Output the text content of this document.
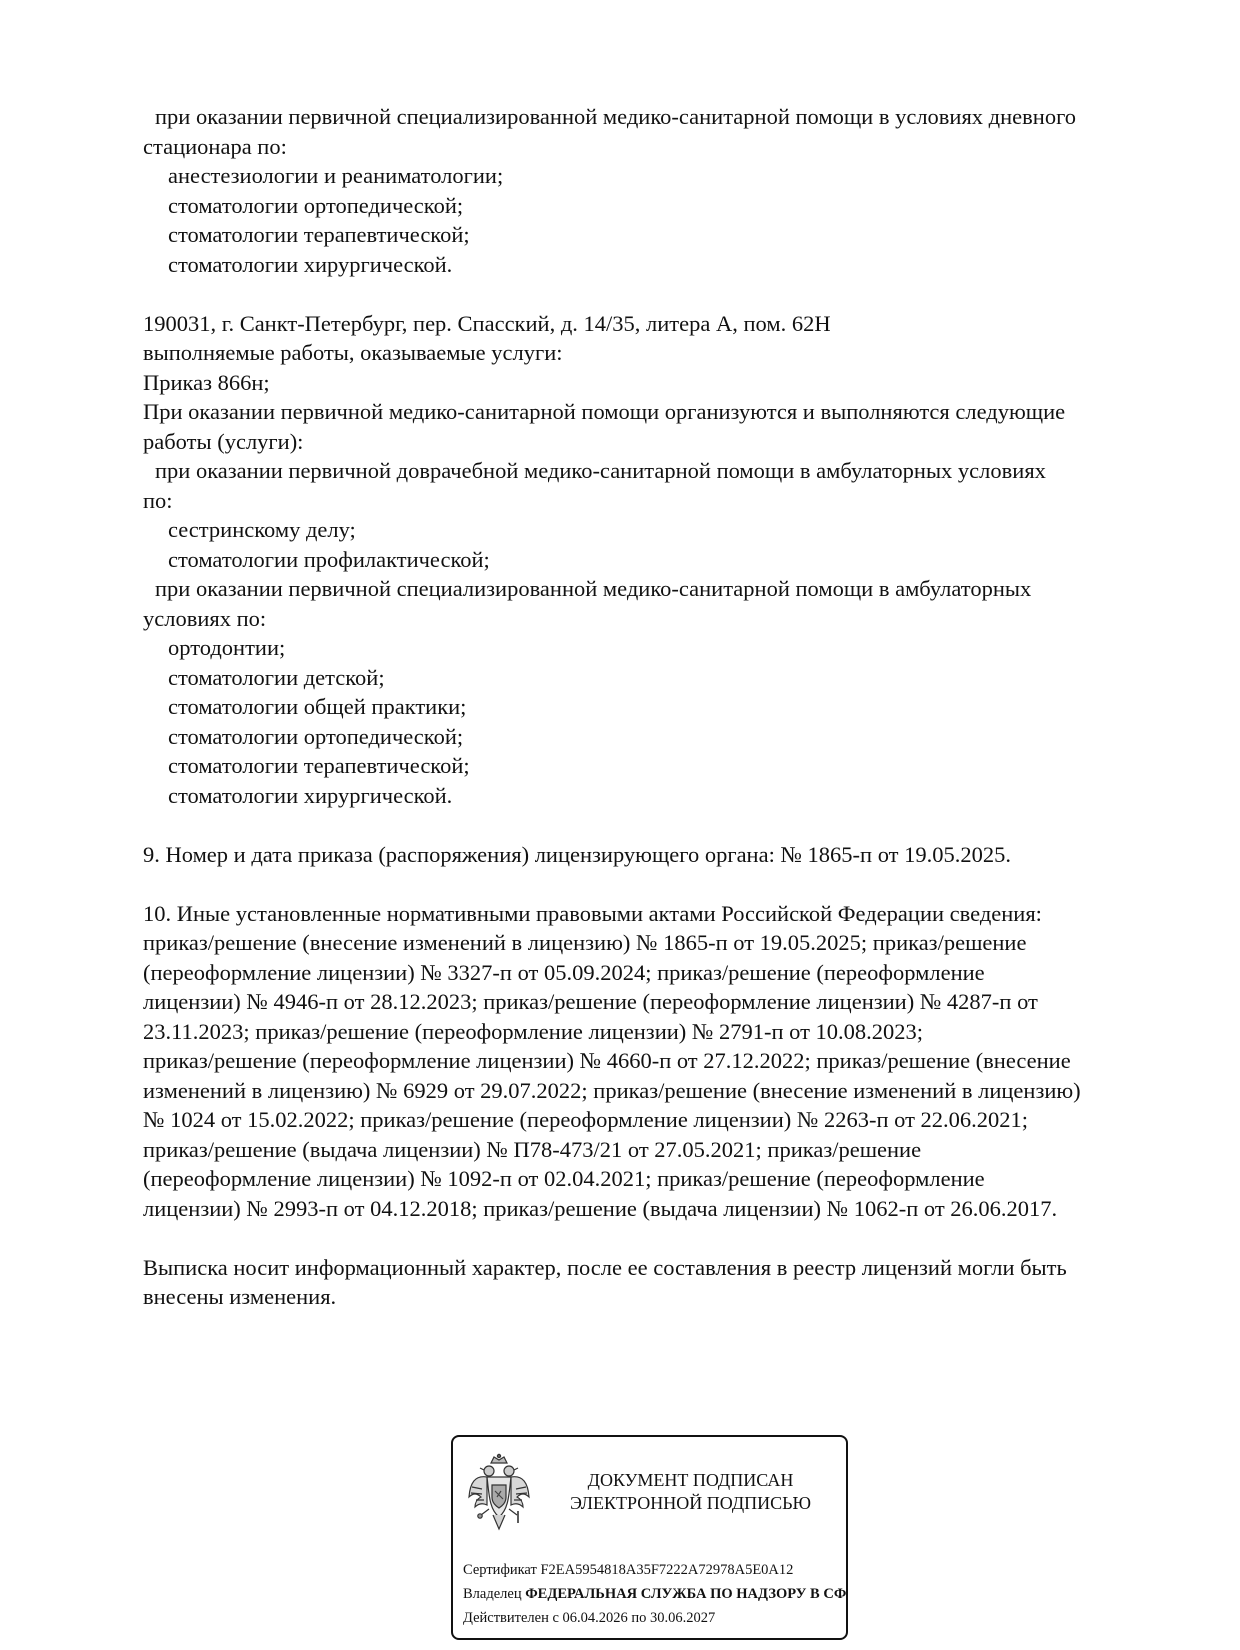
при оказании первичной специализированной медико-санитарной помощи в условиях дневного
стационара по:
анестезиологии и реаниматологии;
стоматологии ортопедической;
стоматологии терапевтической;
стоматологии хирургической.
190031, г. Санкт-Петербург, пер. Спасский, д. 14/35, литера А, пом. 62Н
выполняемые работы, оказываемые услуги:
Приказ 866н;
При оказании первичной медико-санитарной помощи организуются и выполняются следующие
работы (услуги):
при оказании первичной доврачебной медико-санитарной помощи в амбулаторных условиях
по:
сестринскому делу;
стоматологии профилактической;
при оказании первичной специализированной медико-санитарной помощи в амбулаторных
условиях по:
ортодонтии;
стоматологии детской;
стоматологии общей практики;
стоматологии ортопедической;
стоматологии терапевтической;
стоматологии хирургической.
9. Номер и дата приказа (распоряжения) лицензирующего органа: № 1865-п от 19.05.2025.
10. Иные установленные нормативными правовыми актами Российской Федерации сведения:
приказ/решение (внесение изменений в лицензию) № 1865-п от 19.05.2025; приказ/решение
(переоформление лицензии) № 3327-п от 05.09.2024; приказ/решение (переоформление
лицензии) № 4946-п от 28.12.2023; приказ/решение (переоформление лицензии) № 4287-п от
23.11.2023; приказ/решение (переоформление лицензии) № 2791-п от 10.08.2023;
приказ/решение (переоформление лицензии) № 4660-п от 27.12.2022; приказ/решение (внесение
изменений в лицензию) № 6929 от 29.07.2022; приказ/решение (внесение изменений в лицензию)
№ 1024 от 15.02.2022; приказ/решение (переоформление лицензии) № 2263-п от 22.06.2021;
приказ/решение (выдача лицензии) № П78-473/21 от 27.05.2021; приказ/решение
(переоформление лицензии) № 1092-п от 02.04.2021; приказ/решение (переоформление
лицензии) № 2993-п от 04.12.2018; приказ/решение (выдача лицензии) № 1062-п от 26.06.2017.
Выписка носит информационный характер, после ее составления в реестр лицензий могли быть
внесены изменения.
ДОКУМЕНТ ПОДПИСАН
ЭЛЕКТРОННОЙ ПОДПИСЬЮ
Сертификат F2EA5954818A35F7222A72978A5E0A12
Владелец ФЕДЕРАЛЬНАЯ СЛУЖБА ПО НАДЗОРУ В СФ
Действителен с 06.04.2026 по 30.06.2027
